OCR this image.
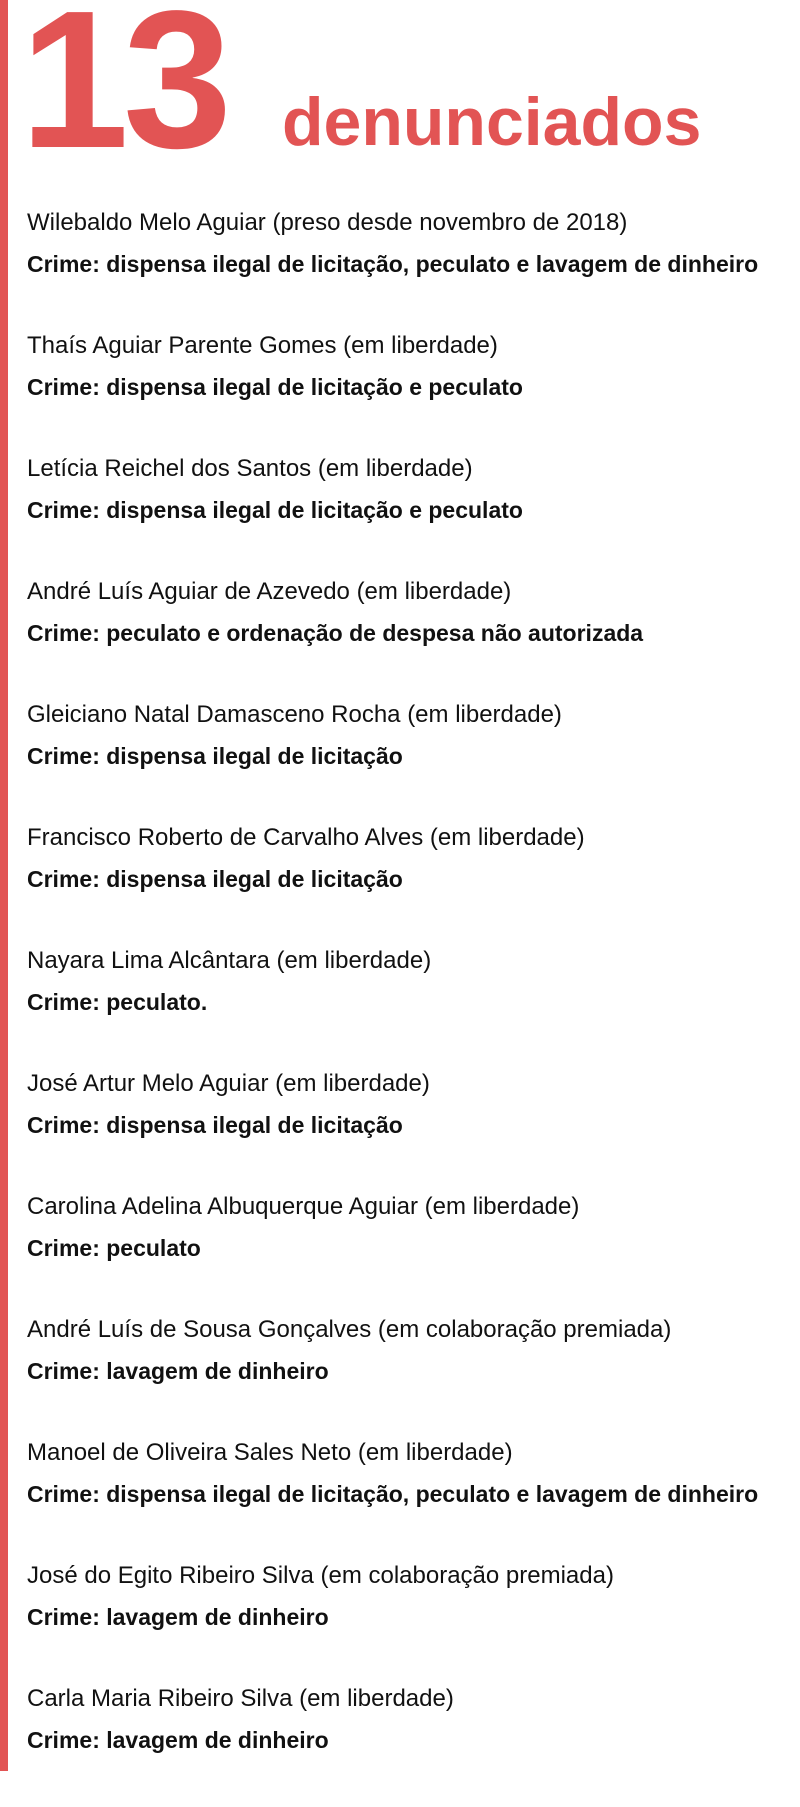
13 denunciados
Wilebaldo Melo Aguiar (preso desde novembro de 2018)
Crime: dispensa ilegal de licitação, peculato e lavagem de dinheiro
Thaís Aguiar Parente Gomes (em liberdade)
Crime: dispensa ilegal de licitação e peculato
Letícia Reichel dos Santos (em liberdade)
Crime: dispensa ilegal de licitação e peculato
André Luís Aguiar de Azevedo (em liberdade)
Crime: peculato e ordenação de despesa não autorizada
Gleiciano Natal Damasceno Rocha (em liberdade)
Crime: dispensa ilegal de licitação
Francisco Roberto de Carvalho Alves (em liberdade)
Crime: dispensa ilegal de licitação
Nayara Lima Alcântara (em liberdade)
Crime: peculato.
José Artur Melo Aguiar (em liberdade)
Crime: dispensa ilegal de licitação
Carolina Adelina Albuquerque Aguiar (em liberdade)
Crime: peculato
André Luís de Sousa Gonçalves (em colaboração premiada)
Crime: lavagem de dinheiro
Manoel de Oliveira Sales Neto (em liberdade)
Crime: dispensa ilegal de licitação, peculato e lavagem de dinheiro
José do Egito Ribeiro Silva (em colaboração premiada)
Crime: lavagem de dinheiro
Carla Maria Ribeiro Silva (em liberdade)
Crime: lavagem de dinheiro
